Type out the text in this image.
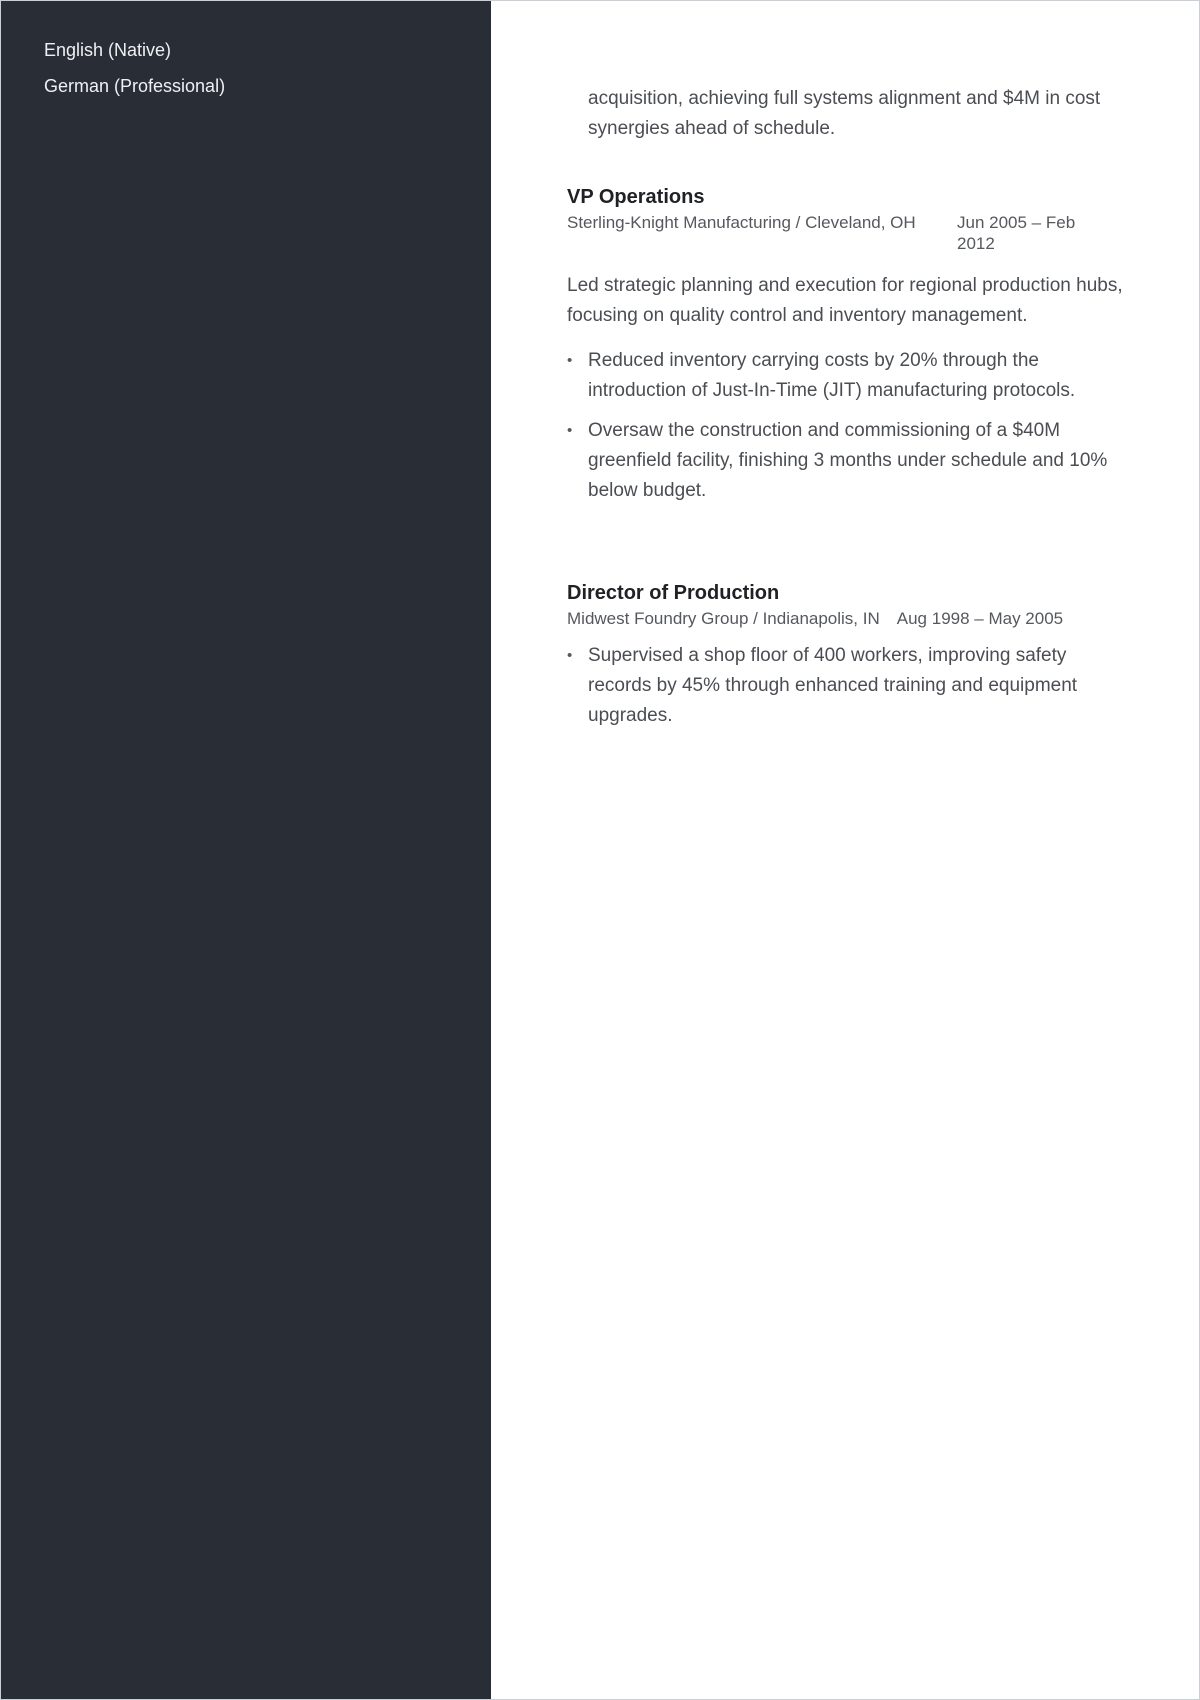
English (Native)
German (Professional)

acquisition, achieving full systems alignment and $4M in cost synergies ahead of schedule.

VP Operations
Sterling-Knight Manufacturing / Cleveland, OH	Jun 2005 – Feb 2012

Led strategic planning and execution for regional production hubs, focusing on quality control and inventory management.

• Reduced inventory carrying costs by 20% through the introduction of Just-In-Time (JIT) manufacturing protocols.
• Oversaw the construction and commissioning of a $40M greenfield facility, finishing 3 months under schedule and 10% below budget.
Director of Production
Midwest Foundry Group / Indianapolis, IN Aug 1998 – May 2005
• Supervised a shop floor of 400 workers, improving safety records by 45% through enhanced training and equipment upgrades.
